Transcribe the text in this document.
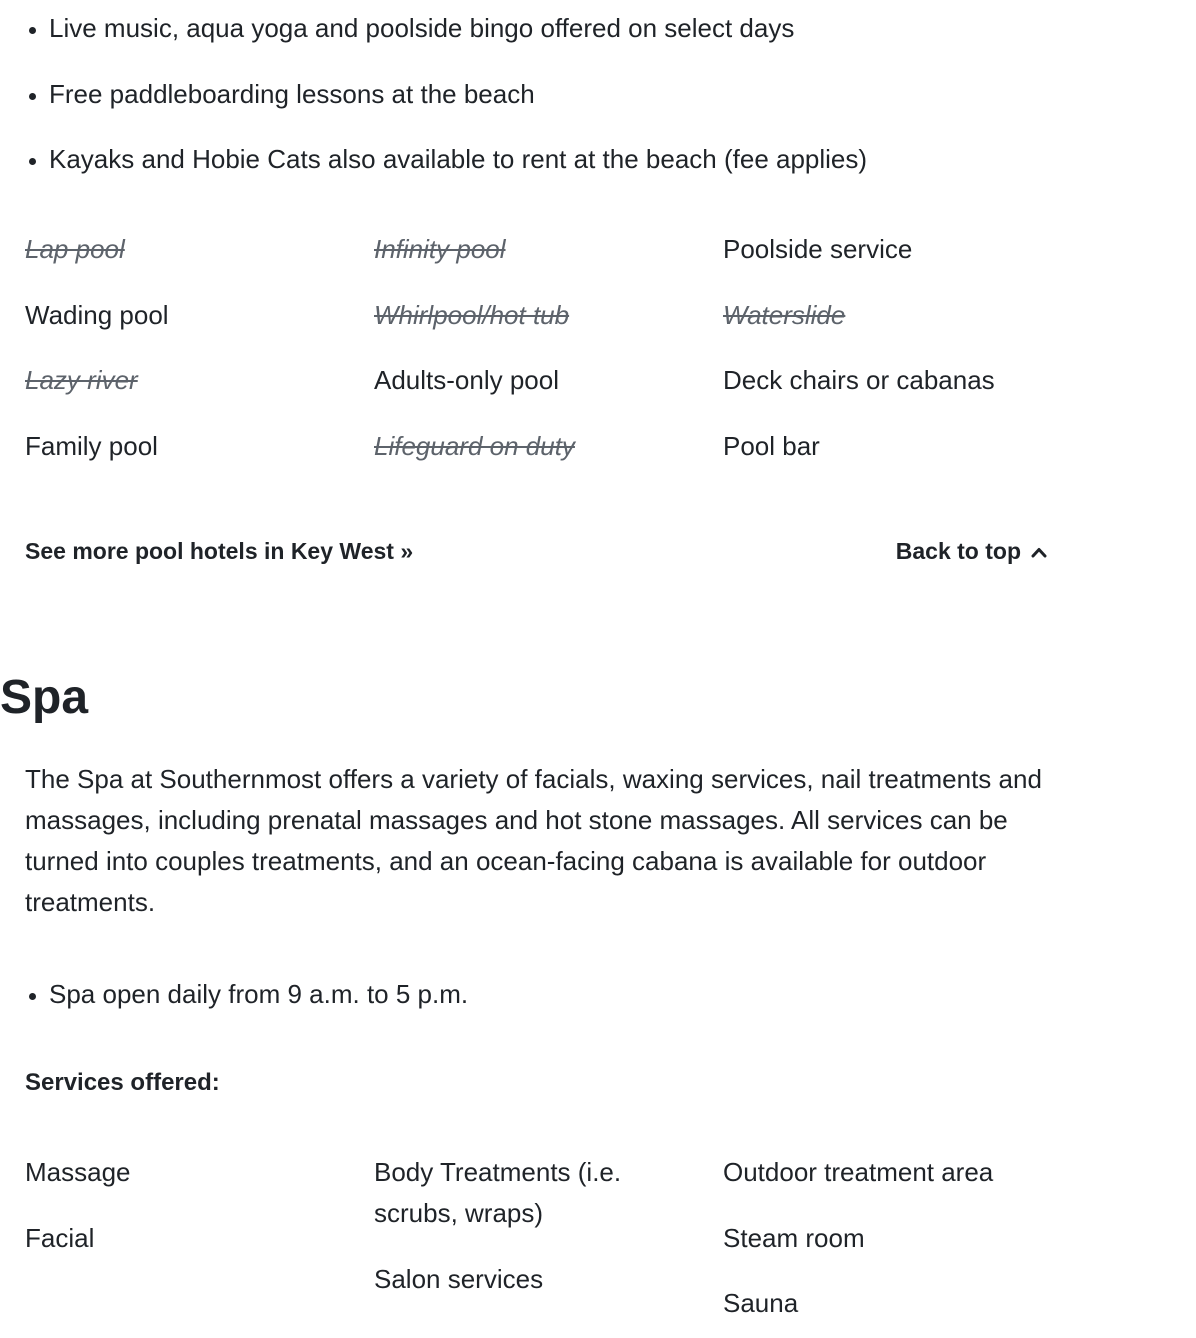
• Live music, aqua yoga and poolside bingo offered on select days
• Free paddleboarding lessons at the beach
• Kayaks and Hobie Cats also available to rent at the beach (fee applies)
Lap pool
Wading pool
Lazy river
Family pool
Infinity pool
Whirlpool/hot tub
Adults-only pool
Lifeguard on duty
Poolside service
Waterslide
Deck chairs or cabanas
Pool bar
See more pool hotels in Key West »	Back to top
Spa

The Spa at Southernmost offers a variety of facials, waxing services, nail treatments and massages, including prenatal massages and hot stone massages. All services can be turned into couples treatments, and an ocean-facing cabana is available for outdoor treatments.

• Spa open daily from 9 a.m. to 5 p.m.

Services offered:

Massage
Facial
Body Treatments (i.e. scrubs, wraps)
Salon services
Outdoor treatment area
Steam room
Sauna
